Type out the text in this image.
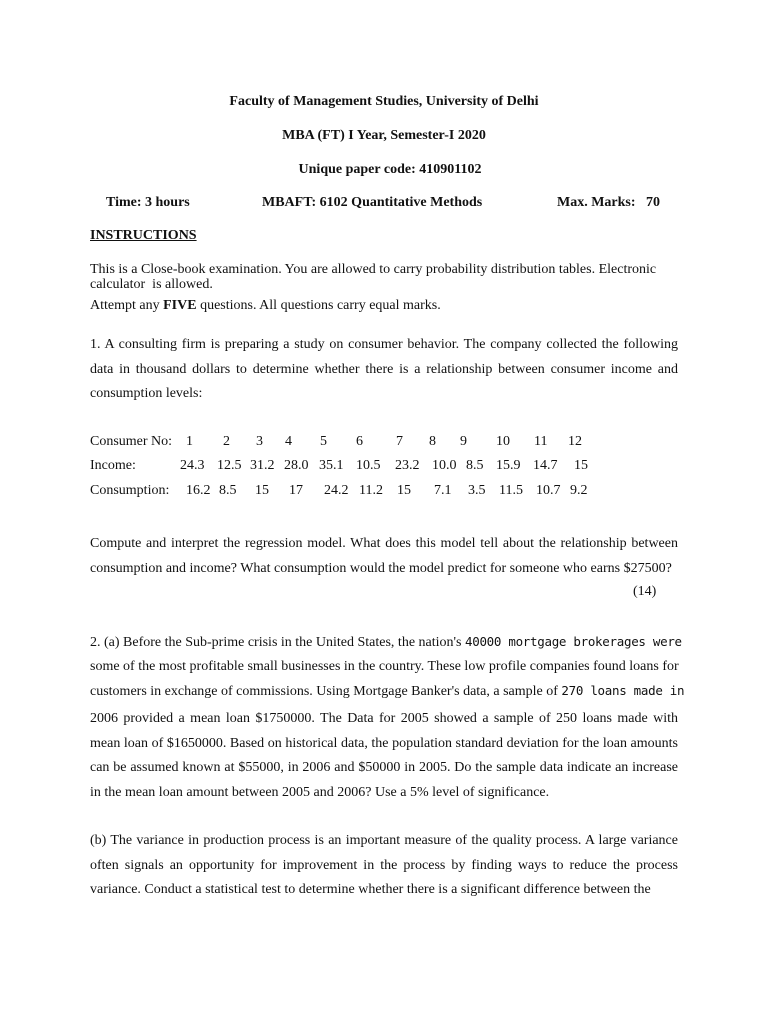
Faculty of Management Studies, University of Delhi
MBA (FT) I Year, Semester-I 2020
Unique paper code: 410901102
Time: 3 hours	MBAFT: 6102 Quantitative Methods	Max. Marks:   70
INSTRUCTIONS
This is a Close-book examination. You are allowed to carry probability distribution tables. Electronic
calculator  is allowed.
Attempt any FIVE questions. All questions carry equal marks.
1. A consulting firm is preparing a study on consumer behavior. The company collected the following data in thousand dollars to determine whether there is a relationship between consumer income and consumption levels:
Consumer No: 1 2 3 4 5 6 7 8 9 10 11 12
Income:	24.3 12.5 31.2 28.0 35.1 10.5 23.2 10.0 8.5 15.9 14.7 15
Consumption: 16.2 8.5 15 17 24.2 11.2 15 7.1 3.5 11.5 10.7 9.2
Compute and interpret the regression model. What does this model tell about the relationship between consumption and income? What consumption would the model predict for someone who earns $27500?
(14)
2. (a) Before the Sub-prime crisis in the United States, the nation's 40000 mortgage brokerages were
some of the most profitable small businesses in the country. These low profile companies found loans for
customers in exchange of commissions. Using Mortgage Banker's data, a sample of 270 loans made in
2006 provided a mean loan $1750000. The Data for 2005 showed a sample of 250 loans made with mean loan of $1650000. Based on historical data, the population standard deviation for the loan amounts can be assumed known at $55000, in 2006 and $50000 in 2005. Do the sample data indicate an increase in the mean loan amount between 2005 and 2006? Use a 5% level of significance.
(b) The variance in production process is an important measure of the quality process. A large variance often signals an opportunity for improvement in the process by finding ways to reduce the process variance. Conduct a statistical test to determine whether there is a significant difference between the
